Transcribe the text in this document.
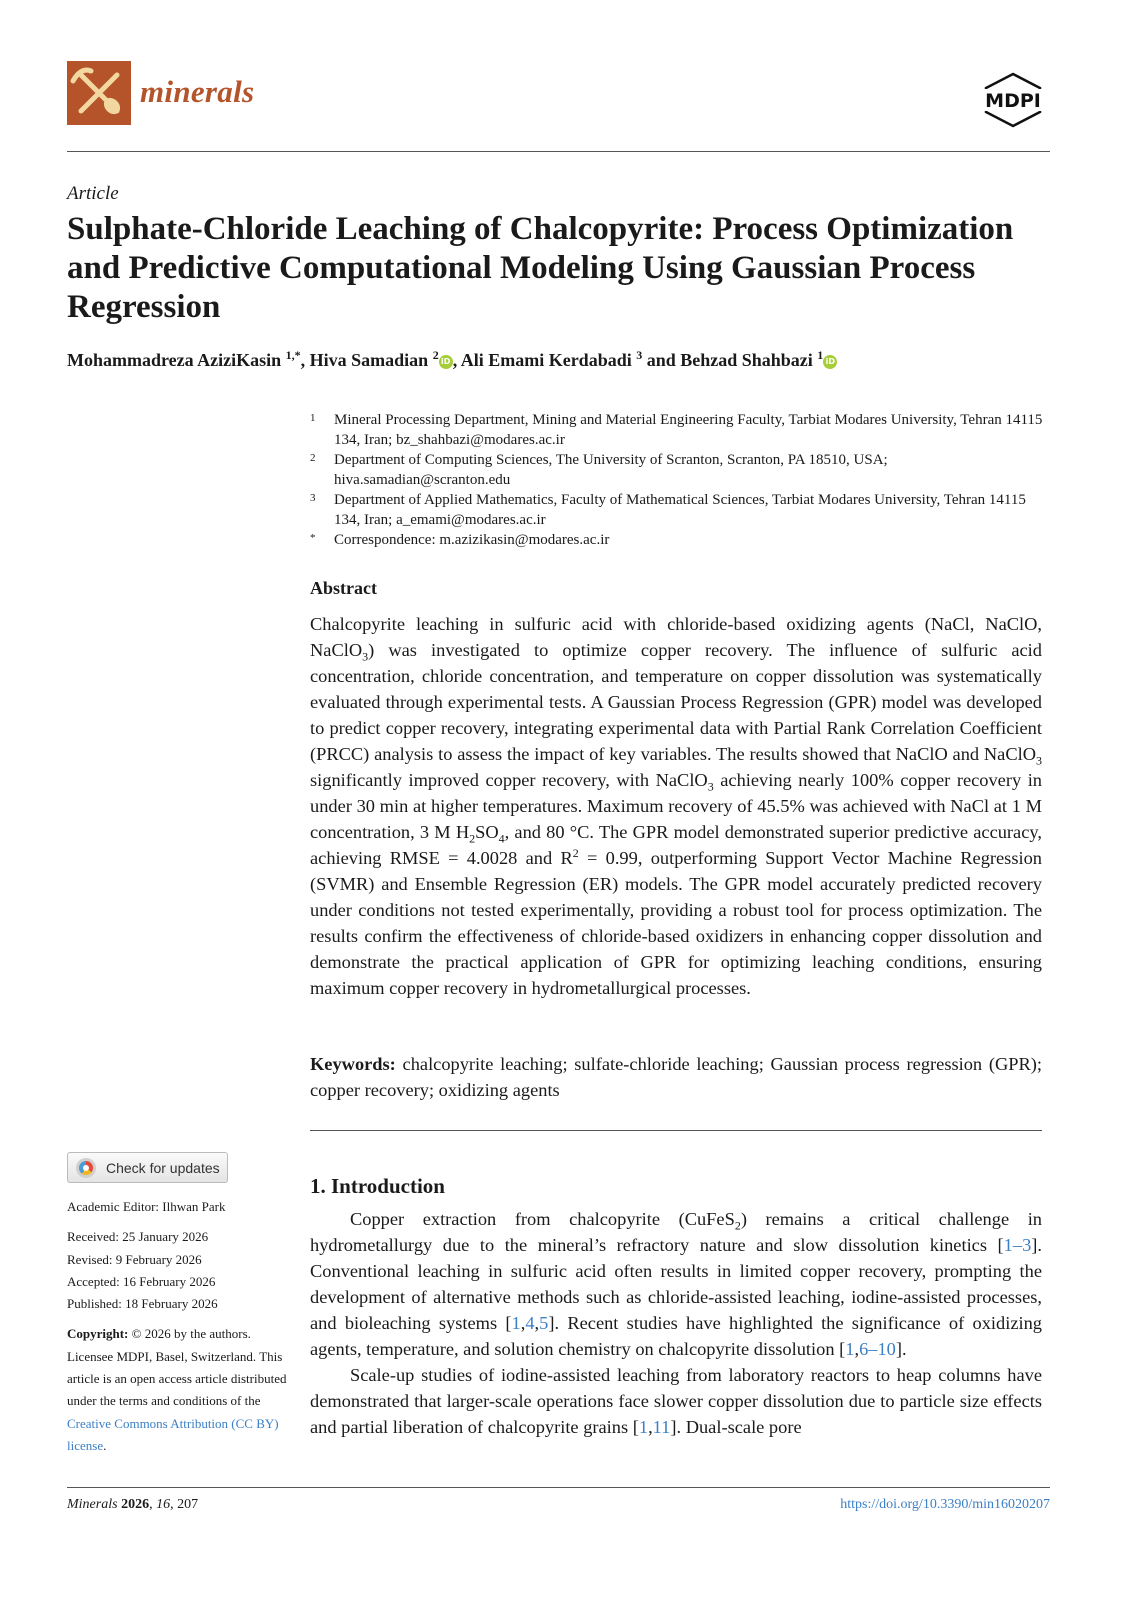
minerals	MDPI
Article
Sulphate-Chloride Leaching of Chalcopyrite: Process Optimization and Predictive Computational Modeling Using Gaussian Process Regression
Mohammadreza AziziKasin $^{1,*}$, Hiva Samadian $^2$ iD , Ali Emami Kerdabadi $^3$ and Behzad Shahbazi $^1$ iD
1	Mineral Processing Department, Mining and Material Engineering Faculty, Tarbiat Modares University, Tehran 14115 134, Iran; bz_shahbazi@modares.ac.ir
2	Department of Computing Sciences, The University of Scranton, Scranton, PA 18510, USA; hiva.samadian@scranton.edu
3	Department of Applied Mathematics, Faculty of Mathematical Sciences, Tarbiat Modares University, Tehran 14115 134, Iran; a_emami@modares.ac.ir
*	Correspondence: m.azizikasin@modares.ac.ir
Abstract

Chalcopyrite leaching in sulfuric acid with chloride-based oxidizing agents (NaCl, NaClO, NaClO$_3$) was investigated to optimize copper recovery. The influence of sulfuric acid concentration, chloride concentration, and temperature on copper dissolution was systematically evaluated through experimental tests. A Gaussian Process Regression (GPR) model was developed to predict copper recovery, integrating experimental data with Partial Rank Correlation Coefficient (PRCC) analysis to assess the impact of key variables. The results showed that NaClO and NaClO$_3$ significantly improved copper recovery, with NaClO$_3$ achieving nearly 100% copper recovery in under 30 min at higher temperatures. Maximum recovery of 45.5% was achieved with NaCl at 1 M concentration, 3 M $H_2SO_4$, and 80 °C. The GPR model demonstrated superior predictive accuracy, achieving RMSE = 4.0028 and $R^2 = 0.99$, outperforming Support Vector Machine Regression (SVMR) and Ensemble Regression (ER) models. The GPR model accurately predicted recovery under conditions not tested experimentally, providing a robust tool for process optimization. The results confirm the effectiveness of chloride-based oxidizers in enhancing copper dissolution and demonstrate the practical application of GPR for optimizing leaching conditions, ensuring maximum copper recovery in hydrometallurgical processes.

Keywords: chalcopyrite leaching; sulfate-chloride leaching; Gaussian process regression (GPR); copper recovery; oxidizing agents

Check for updates
Academic Editor: Ilhwan Park
Received: 25 January 2026
Revised: 9 February 2026
Accepted: 16 February 2026
Published: 18 February 2026
Copyright: © 2026 by the authors. Licensee MDPI, Basel, Switzerland. This article is an open access article distributed under the terms and conditions of the Creative Commons Attribution (CC BY) license.
1. Introduction

Copper extraction from chalcopyrite (CuFeS$_2$) remains a critical challenge in hydrometallurgy due to the mineral’s refractory nature and slow dissolution kinetics [1–3]. Conventional leaching in sulfuric acid often results in limited copper recovery, prompting the development of alternative methods such as chloride-assisted leaching, iodine-assisted processes, and bioleaching systems [1,4,5]. Recent studies have highlighted the significance of oxidizing agents, temperature, and solution chemistry on chalcopyrite dissolution [1,6–10].

Scale-up studies of iodine-assisted leaching from laboratory reactors to heap columns have demonstrated that larger-scale operations face slower copper dissolution due to particle size effects and partial liberation of chalcopyrite grains [1,11]. Dual-scale pore

Minerals 2026, 16, 207	https://doi.org/10.3390/min16020207
